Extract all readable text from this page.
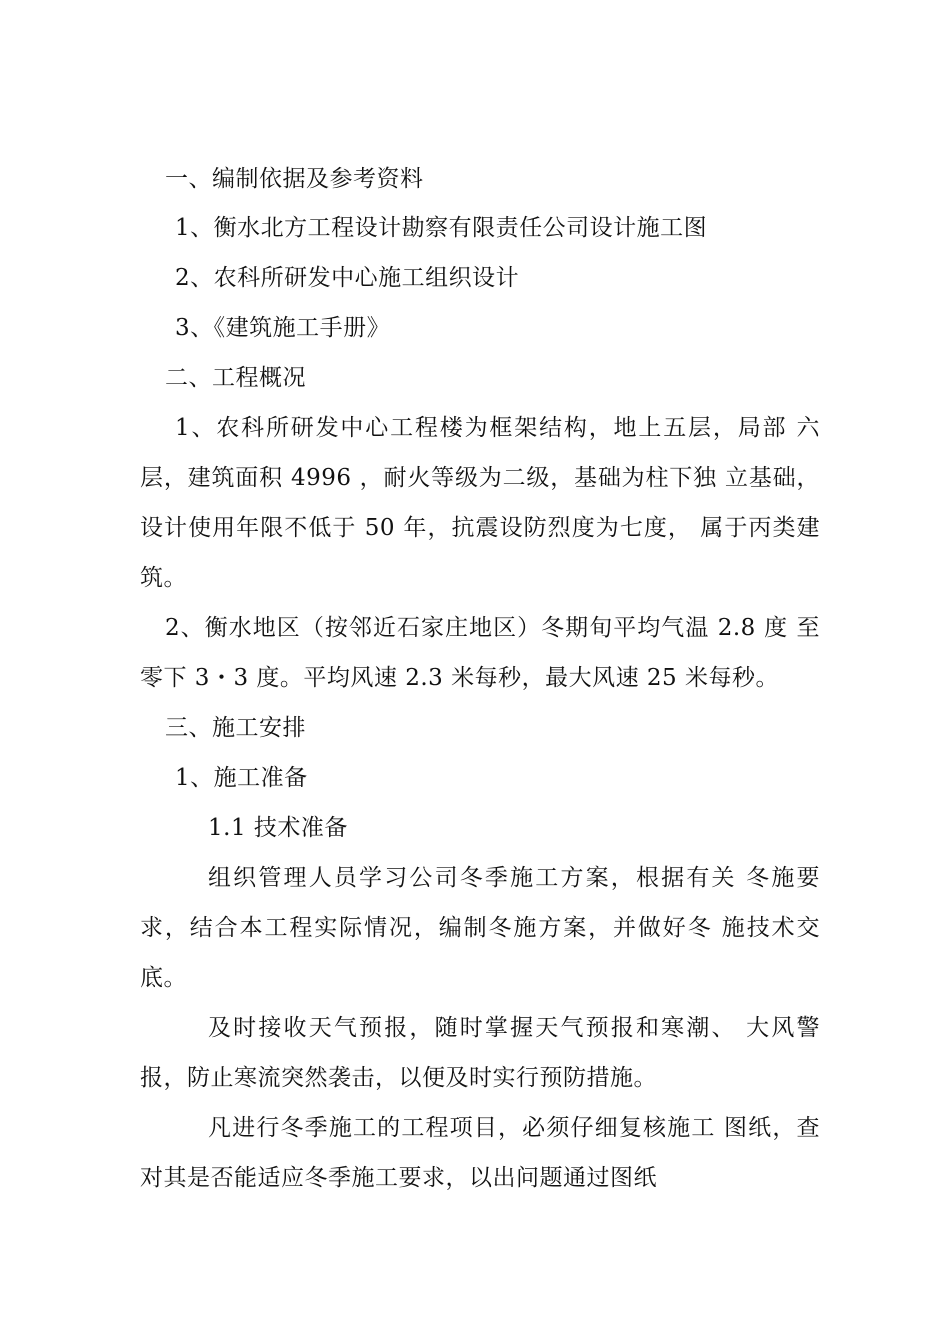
一、编制依据及参考资料
1、衡水北方工程设计勘察有限责任公司设计施工图
2、农科所研发中心施工组织设计
3、《建筑施工手册》
二、工程概况
1、农科所研发中心工程楼为框架结构，地上五层，局部 六
层，建筑面积 4996 ，耐火等级为二级，基础为柱下独 立基础，
设计使用年限不低于 50 年，抗震设防烈度为七度， 属于丙类建
筑。
2、衡水地区（按邻近石家庄地区）冬期旬平均气温 2.8 度 至
零下 3・3 度。平均风速 2.3 米每秒，最大风速 25 米每秒。
三、施工安排
1、施工准备
1.1 技术准备
组织管理人员学习公司冬季施工方案，根据有关 冬施要
求，结合本工程实际情况，编制冬施方案，并做好冬 施技术交
底。
及时接收天气预报，随时掌握天气预报和寒潮、 大风警
报，防止寒流突然袭击，以便及时实行预防措施。
凡进行冬季施工的工程项目，必须仔细复核施工 图纸，查
对其是否能适应冬季施工要求，以出问题通过图纸
